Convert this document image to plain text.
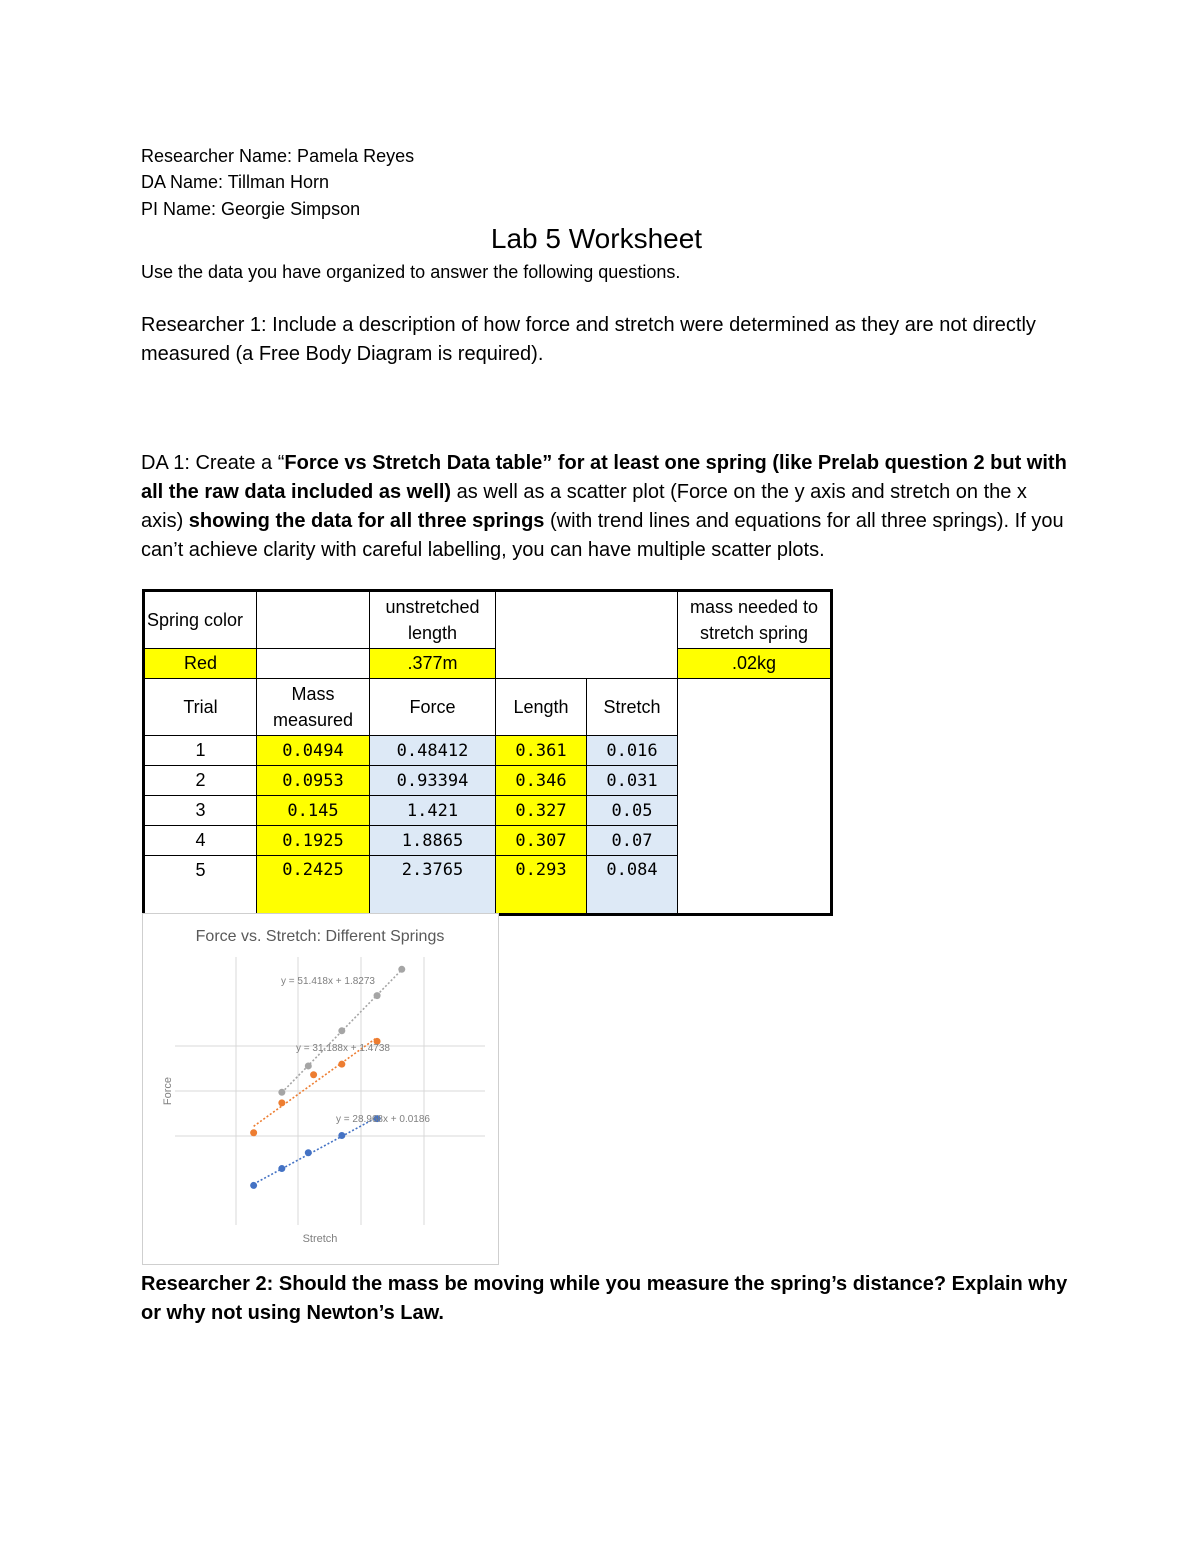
Researcher Name: Pamela Reyes
DA Name: Tillman Horn
PI Name: Georgie Simpson
Lab 5 Worksheet
Use the data you have organized to answer the following questions.
Researcher 1: Include a description of how force and stretch were determined as they are not directly measured (a Free Body Diagram is required).
DA 1: Create a “Force vs Stretch Data table” for at least one spring (like Prelab question 2 but with all the raw data included as well) as well as a scatter plot (Force on the y axis and stretch on the x axis) showing the data for all three springs (with trend lines and equations for all three springs). If you can’t achieve clarity with careful labelling, you can have multiple scatter plots.
Spring color		unstretched length			mass needed to stretch spring
Red		.377m			.02kg
Trial	Mass measured	Force	Length	Stretch	
1	0.0494	0.48412	0.361	0.016	
2	0.0953	0.93394	0.346	0.031	
3	0.145	1.421	0.327	0.05	
4	0.1925	1.8865	0.307	0.07	
5	0.2425	2.3765	0.293	0.084	
Force vs. Stretch: Different Springs
y = 51.418x + 1.8273
y = 31.188x + 1.4738
y = 28.968x + 0.0186
Stretch
Force
Researcher 2: Should the mass be moving while you measure the spring’s distance? Explain why or why not using Newton’s Law.
